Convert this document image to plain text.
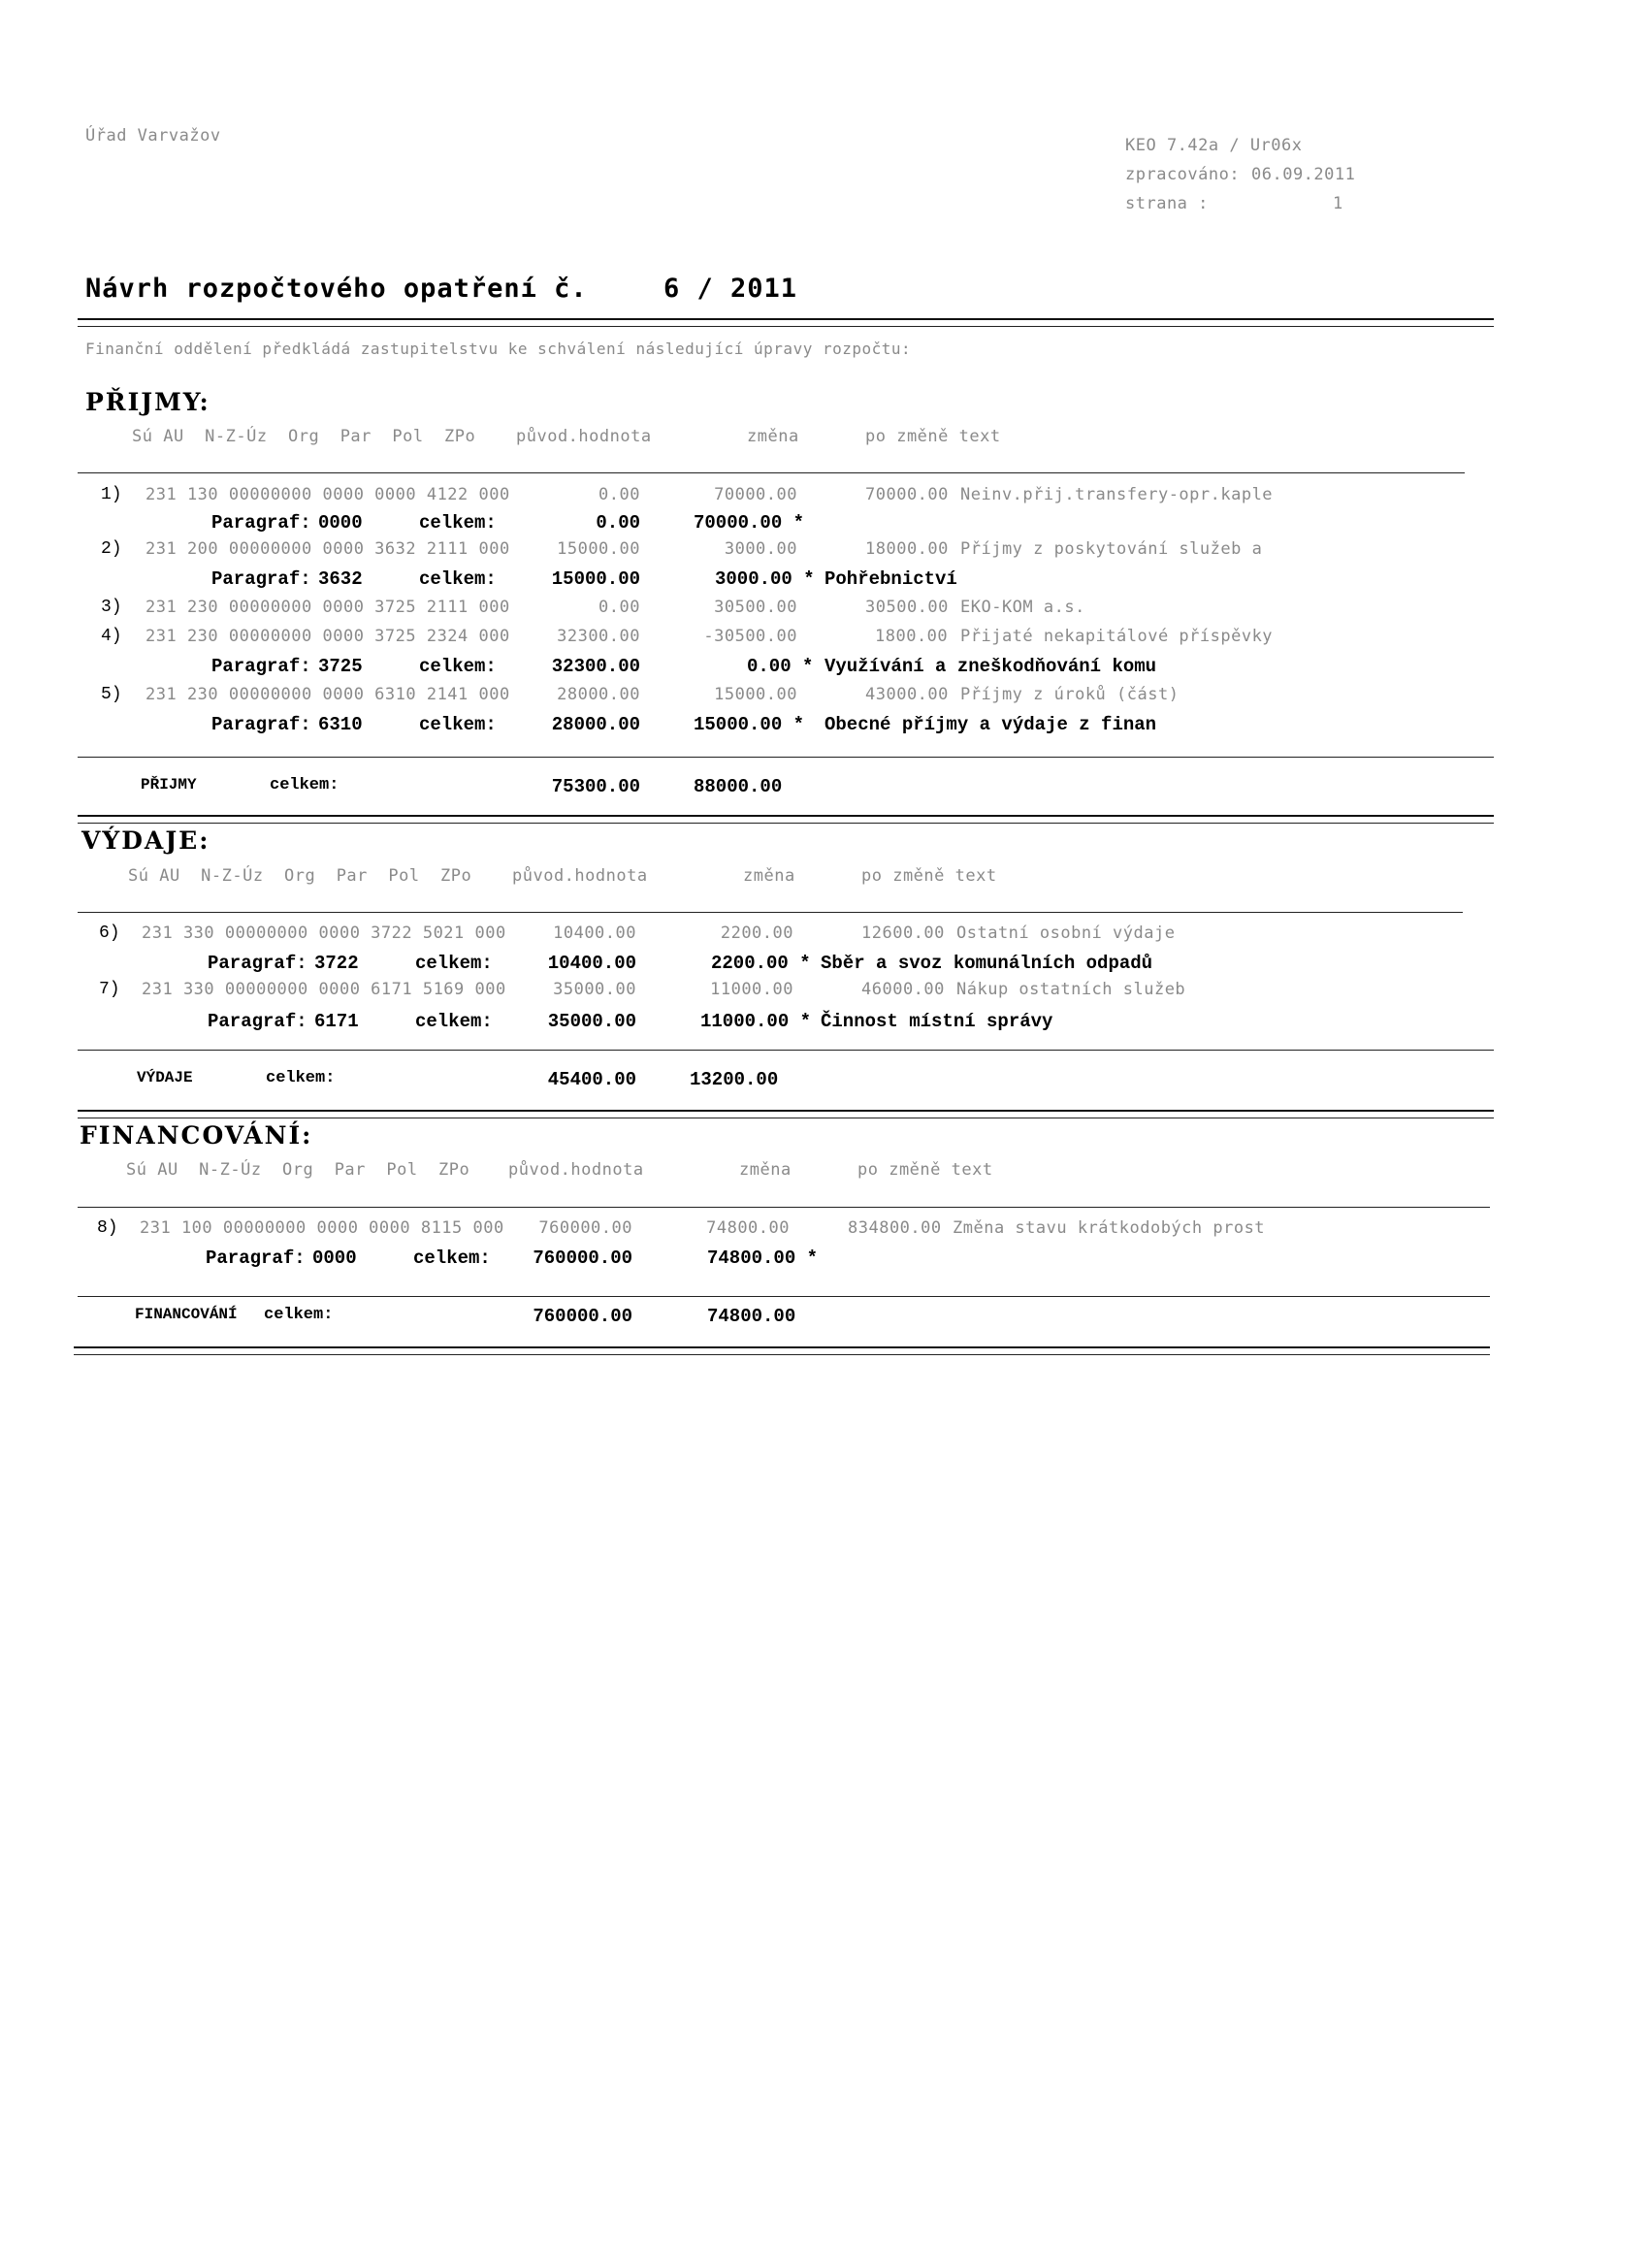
Úřad Varvažov	KEO 7.42a / Ur06x
zpracováno: 06.09.2011
strana :	1
Návrh rozpočtového opatření č.	6 / 2011
Finanční oddělení předkládá zastupitelstvu ke schválení následující úpravy rozpočtu:
PŘIJMY:
Sú AU  N-Z-Úz  Org  Par  Pol  ZPo původ.hodnota	změna	po změně text
1) 231 130 00000000 0000 0000 4122 000	0.00	70000.00	70000.00 Neinv.přij.transfery-opr.kaple
Paragraf: 0000	celkem:	0.00	70000.00 *
2) 231 200 00000000 0000 3632 2111 000	15000.00	3000.00	18000.00 Příjmy z poskytování služeb a
Paragraf: 3632	celkem:	15000.00	3000.00 * Pohřebnictví
3) 231 230 00000000 0000 3725 2111 000	0.00	30500.00	30500.00 EKO-KOM a.s.
4) 231 230 00000000 0000 3725 2324 000	32300.00	-30500.00	1800.00 Přijaté nekapitálové příspěvky
Paragraf: 3725	celkem:	32300.00	0.00 * Využívání a zneškodňování komu
5) 231 230 00000000 0000 6310 2141 000	28000.00	15000.00	43000.00 Příjmy z úroků (část)
Paragraf: 6310	celkem:	28000.00	15000.00 * Obecné příjmy a výdaje z finan
PŘIJMY	celkem:	75300.00	88000.00
VÝDAJE:
Sú AU  N-Z-Úz  Org  Par  Pol  ZPo původ.hodnota	změna	po změně text
6) 231 330 00000000 0000 3722 5021 000	10400.00	2200.00	12600.00 Ostatní osobní výdaje
Paragraf: 3722	celkem:	10400.00	2200.00 * Sběr a svoz komunálních odpadů
7) 231 330 00000000 0000 6171 5169 000	35000.00	11000.00	46000.00 Nákup ostatních služeb
Paragraf: 6171	celkem:	35000.00	11000.00 * Činnost místní správy
VÝDAJE	celkem:	45400.00	13200.00
FINANCOVÁNÍ:
Sú AU  N-Z-Úz  Org  Par  Pol  ZPo původ.hodnota	změna	po změně text
8) 231 100 00000000 0000 0000 8115 000	760000.00	74800.00	834800.00 Změna stavu krátkodobých prost
Paragraf: 0000	celkem:	760000.00	74800.00 *
FINANCOVÁNÍ celkem:	760000.00	74800.00
